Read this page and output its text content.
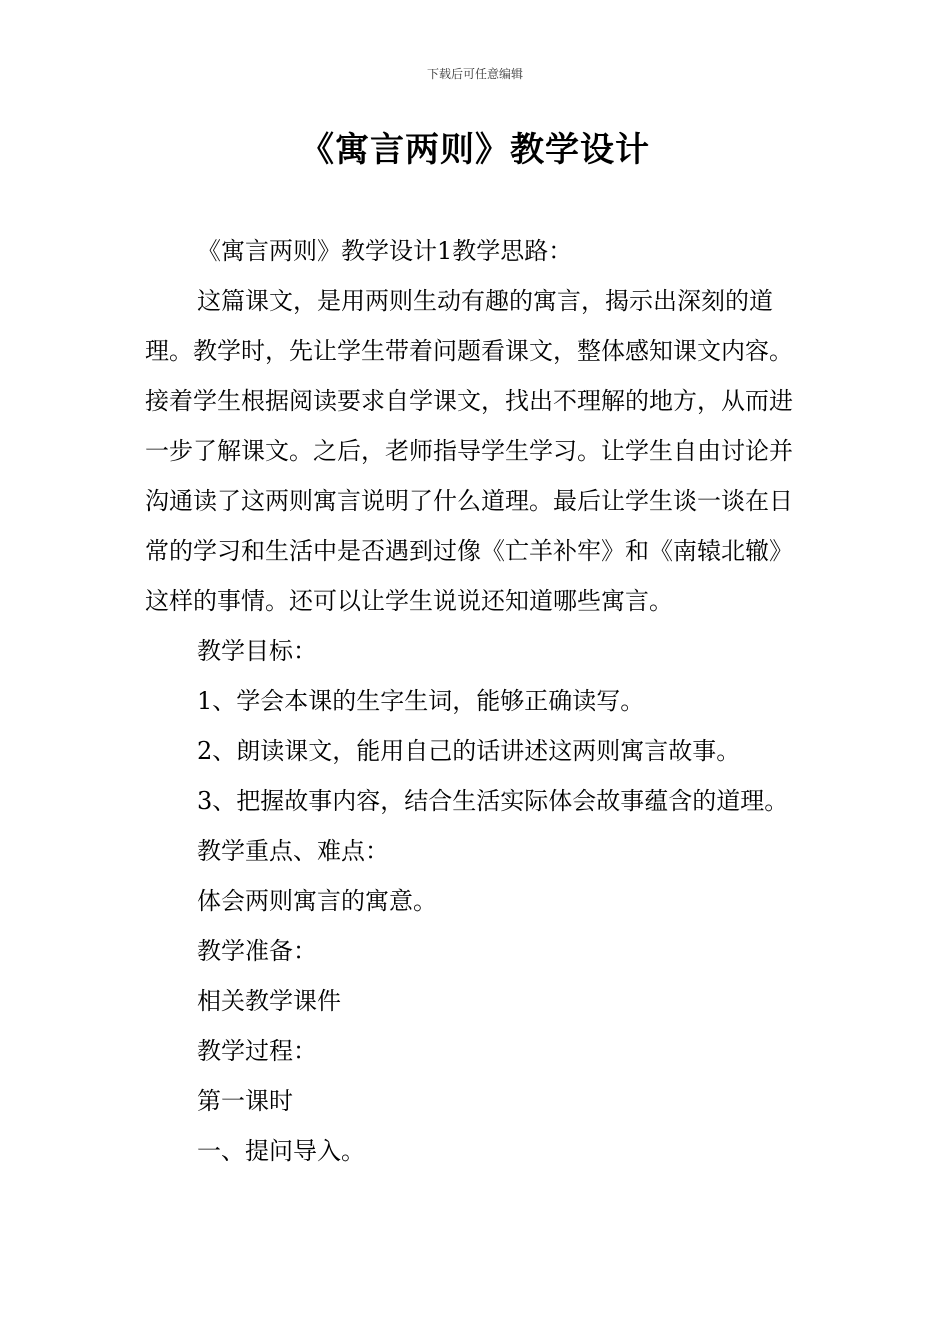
下载后可任意编辑
《寓言两则》教学设计

《寓言两则》教学设计1教学思路：

这篇课文，是用两则生动有趣的寓言，揭示出深刻的道理。教学时，先让学生带着问题看课文，整体感知课文内容。接着学生根据阅读要求自学课文，找出不理解的地方，从而进一步了解课文。之后，老师指导学生学习。让学生自由讨论并沟通读了这两则寓言说明了什么道理。最后让学生谈一谈在日常的学习和生活中是否遇到过像《亡羊补牢》和《南辕北辙》这样的事情。还可以让学生说说还知道哪些寓言。

教学目标：

1、学会本课的生字生词，能够正确读写。

2、朗读课文，能用自己的话讲述这两则寓言故事。

3、把握故事内容，结合生活实际体会故事蕴含的道理。

教学重点、难点：

体会两则寓言的寓意。

教学准备：

相关教学课件

教学过程：

第一课时

一、提问导入。
